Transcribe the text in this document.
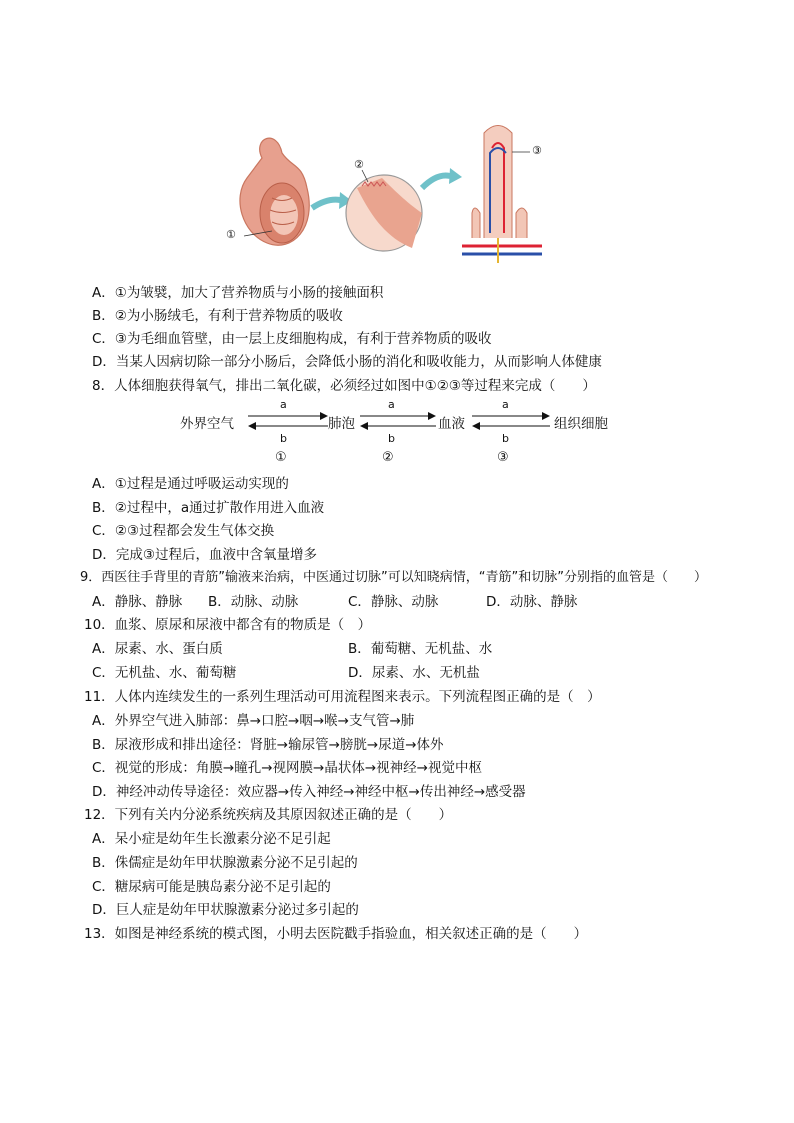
①
②
③
A．①为皱襞，加大了营养物质与小肠的接触面积
B．②为小肠绒毛，有利于营养物质的吸收
C．③为毛细血管壁，由一层上皮细胞构成，有利于营养物质的吸收
D．当某人因病切除一部分小肠后，会降低小肠的消化和吸收能力，从而影响人体健康
8．人体细胞获得氧气，排出二氧化碳，必须经过如图中①②③等过程来完成（　　）
外界空气	肺泡	血液	组织细胞
a	a	a
b	b	b
①	②	③
A．①过程是通过呼吸运动实现的
B．②过程中，a通过扩散作用进入血液
C．②③过程都会发生气体交换
D．完成③过程后，血液中含氧量增多
9．西医往手背里的青筋”输液来治病，中医通过切脉”可以知晓病情，“青筋”和切脉”分别指的血管是（　　）
A．静脉、静脉 B．动脉、动脉	C．静脉、动脉	D．动脉、静脉
10．血浆、原尿和尿液中都含有的物质是（　）
A．尿素、水、蛋白质	B．葡萄糖、无机盐、水
C．无机盐、水、葡萄糖	D．尿素、水、无机盐
11．人体内连续发生的一系列生理活动可用流程图来表示。下列流程图正确的是（　）
A．外界空气进入肺部：鼻→口腔→咽→喉→支气管→肺
B．尿液形成和排出途径：肾脏→输尿管→膀胱→尿道→体外
C．视觉的形成：角膜→瞳孔→视网膜→晶状体→视神经→视觉中枢
D．神经冲动传导途径：效应器→传入神经→神经中枢→传出神经→感受器
12．下列有关内分泌系统疾病及其原因叙述正确的是（　　）
A．呆小症是幼年生长激素分泌不足引起
B．侏儒症是幼年甲状腺激素分泌不足引起的
C．糖尿病可能是胰岛素分泌不足引起的
D．巨人症是幼年甲状腺激素分泌过多引起的
13．如图是神经系统的模式图，小明去医院戳手指验血，相关叙述正确的是（　　）
